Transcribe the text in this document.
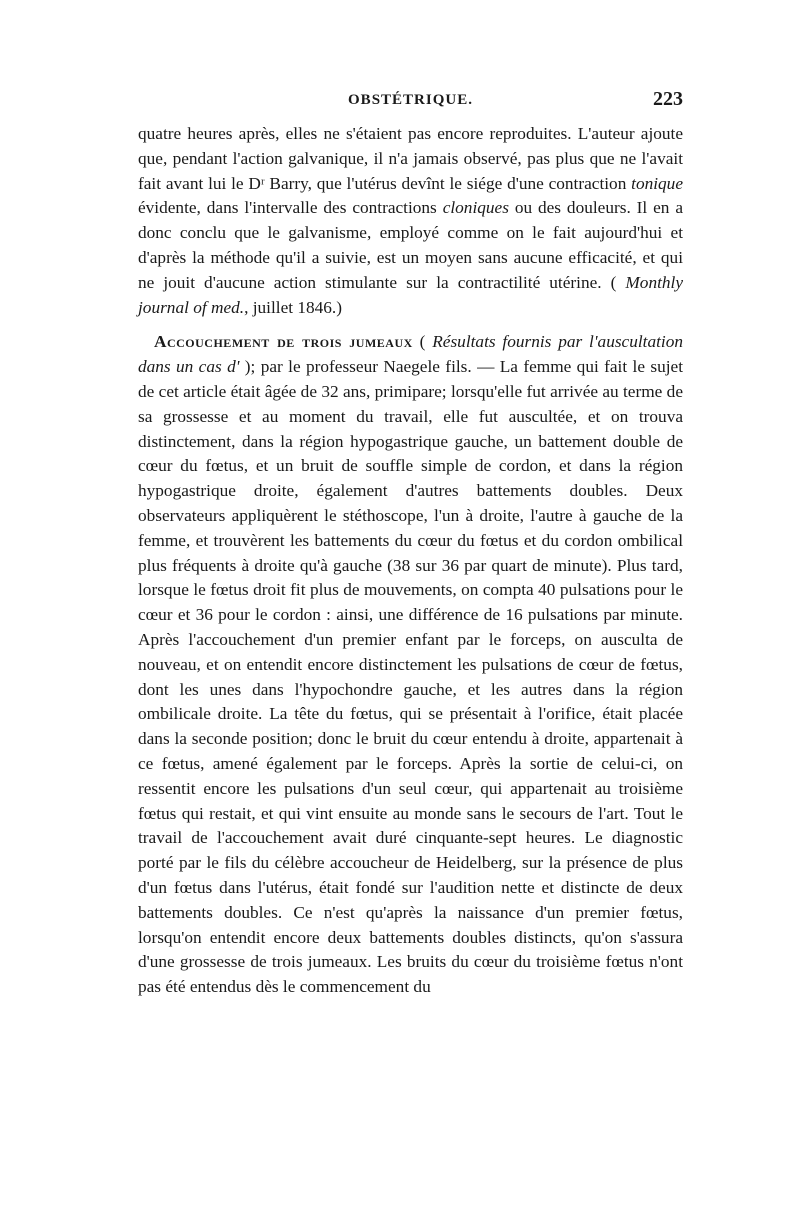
OBSTÉTRIQUE.	223

quatre heures après, elles ne s'étaient pas encore reproduites. L'auteur ajoute que, pendant l'action galvanique, il n'a jamais observé, pas plus que ne l'avait fait avant lui le Dʳ Barry, que l'utérus devînt le siége d'une contraction tonique évidente, dans l'intervalle des contractions cloniques ou des douleurs. Il en a donc conclu que le galvanisme, employé comme on le fait aujourd'hui et d'après la méthode qu'il a suivie, est un moyen sans aucune efficacité, et qui ne jouit d'aucune action stimulante sur la contractilité utérine. ( Monthly journal of med., juillet 1846.)

Accouchement de trois jumeaux ( Résultats fournis par l'auscultation dans un cas d' ); par le professeur Naegele fils. — La femme qui fait le sujet de cet article était âgée de 32 ans, primipare; lorsqu'elle fut arrivée au terme de sa grossesse et au moment du travail, elle fut auscultée, et on trouva distinctement, dans la région hypogastrique gauche, un battement double de cœur du fœtus, et un bruit de souffle simple de cordon, et dans la région hypogastrique droite, également d'autres battements doubles. Deux observateurs appliquèrent le stéthoscope, l'un à droite, l'autre à gauche de la femme, et trouvèrent les battements du cœur du fœtus et du cordon ombilical plus fréquents à droite qu'à gauche (38 sur 36 par quart de minute). Plus tard, lorsque le fœtus droit fit plus de mouvements, on compta 40 pulsations pour le cœur et 36 pour le cordon : ainsi, une différence de 16 pulsations par minute. Après l'accouchement d'un premier enfant par le forceps, on ausculta de nouveau, et on entendit encore distinctement les pulsations de cœur de fœtus, dont les unes dans l'hypochondre gauche, et les autres dans la région ombilicale droite. La tête du fœtus, qui se présentait à l'orifice, était placée dans la seconde position; donc le bruit du cœur entendu à droite, appartenait à ce fœtus, amené également par le forceps. Après la sortie de celui-ci, on ressentit encore les pulsations d'un seul cœur, qui appartenait au troisième fœtus qui restait, et qui vint ensuite au monde sans le secours de l'art. Tout le travail de l'accouchement avait duré cinquante-sept heures. Le diagnostic porté par le fils du célèbre accoucheur de Heidelberg, sur la présence de plus d'un fœtus dans l'utérus, était fondé sur l'audition nette et distincte de deux battements doubles. Ce n'est qu'après la naissance d'un premier fœtus, lorsqu'on entendit encore deux battements doubles distincts, qu'on s'assura d'une grossesse de trois jumeaux. Les bruits du cœur du troisième fœtus n'ont pas été entendus dès le commencement du
